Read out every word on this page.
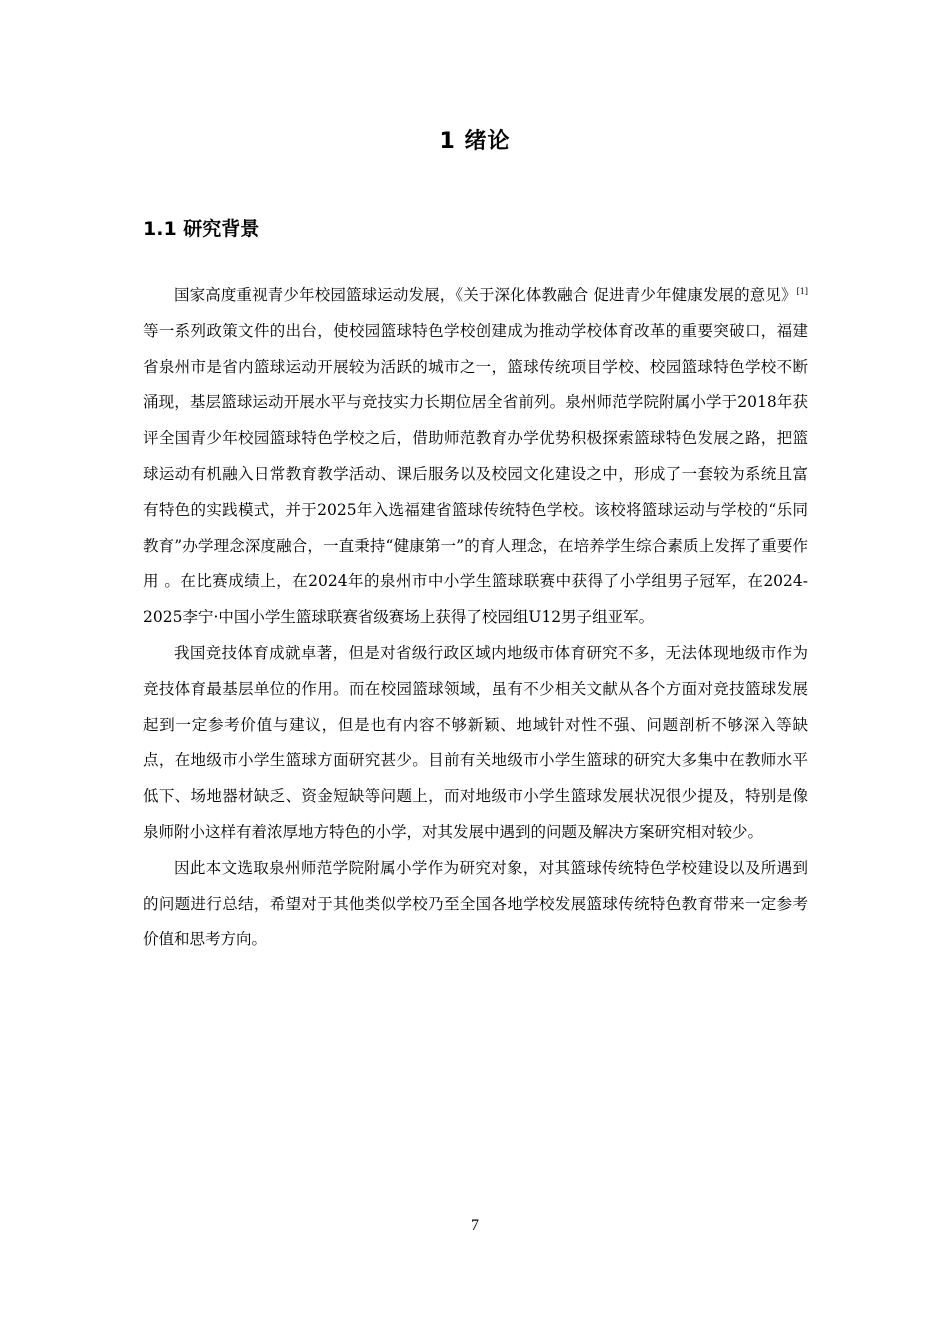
1 绪论
1.1 研究背景

国家高度重视青少年校园篮球运动发展，《关于深化体教融合 促进青少年健康发展的意见》[1]等一系列政策文件的出台，使校园篮球特色学校创建成为推动学校体育改革的重要突破口，福建省泉州市是省内篮球运动开展较为活跃的城市之一，篮球传统项目学校、校园篮球特色学校不断涌现，基层篮球运动开展水平与竞技实力长期位居全省前列。泉州师范学院附属小学于2018年获评全国青少年校园篮球特色学校之后，借助师范教育办学优势积极探索篮球特色发展之路，把篮球运动有机融入日常教育教学活动、课后服务以及校园文化建设之中，形成了一套较为系统且富有特色的实践模式，并于2025年入选福建省篮球传统特色学校。该校将篮球运动与学校的“乐同教育”办学理念深度融合，一直秉持“健康第一”的育人理念，在培养学生综合素质上发挥了重要作用 。在比赛成绩上，在2024年的泉州市中小学生篮球联赛中获得了小学组男子冠军，在2024-2025李宁·中国小学生篮球联赛省级赛场上获得了校园组U12男子组亚军。

我国竞技体育成就卓著，但是对省级行政区域内地级市体育研究不多，无法体现地级市作为竞技体育最基层单位的作用。而在校园篮球领域，虽有不少相关文献从各个方面对竞技篮球发展起到一定参考价值与建议，但是也有内容不够新颖、地域针对性不强、问题剖析不够深入等缺点，在地级市小学生篮球方面研究甚少。目前有关地级市小学生篮球的研究大多集中在教师水平低下、场地器材缺乏、资金短缺等问题上，而对地级市小学生篮球发展状况很少提及，特别是像泉师附小这样有着浓厚地方特色的小学，对其发展中遇到的问题及解决方案研究相对较少。

因此本文选取泉州师范学院附属小学作为研究对象，对其篮球传统特色学校建设以及所遇到的问题进行总结，希望对于其他类似学校乃至全国各地学校发展篮球传统特色教育带来一定参考价值和思考方向。

7
